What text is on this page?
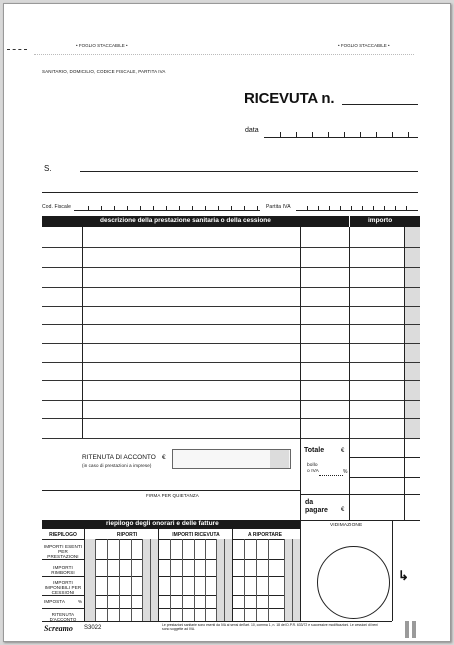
• FOGLIO STACCABILE •	• FOGLIO STACCABILE •
SANITARIO, DOMICILIO, CODICE FISCALE, PARTITA IVA
RICEVUTA n.
data
S.
Cod. Fiscale	Partita IVA
descrizione della prestazione sanitaria o della cessione	importo
RITENUTA DI ACCONTO €
(in caso di prestazioni a imprese)
FIRMA PER QUIETANZA
Totale	€
bollo
o IVA	%
da
pagare €
riepilogo degli onorari e delle fatture
RIEPILOGO	RIPORTI	IMPORTI RICEVUTA	A RIPORTARE
IMPORTI ESENTI PER PRESTAZIONI
IMPORTI RIMBORSI
IMPORTI IMPONIBILI PER CESSIONI
IMPOSTA	%
RITENUTA D'ACCONTO
VIDIMAZIONE
↳
Screamo S3022	Le prestazioni sanitarie sono esenti da IVA ai sensi dell'art. 10, comma 1, n. 18 del D.P.R. 633/72 e successive modificazioni. Le cessioni di beni sono soggette ad IVA.
